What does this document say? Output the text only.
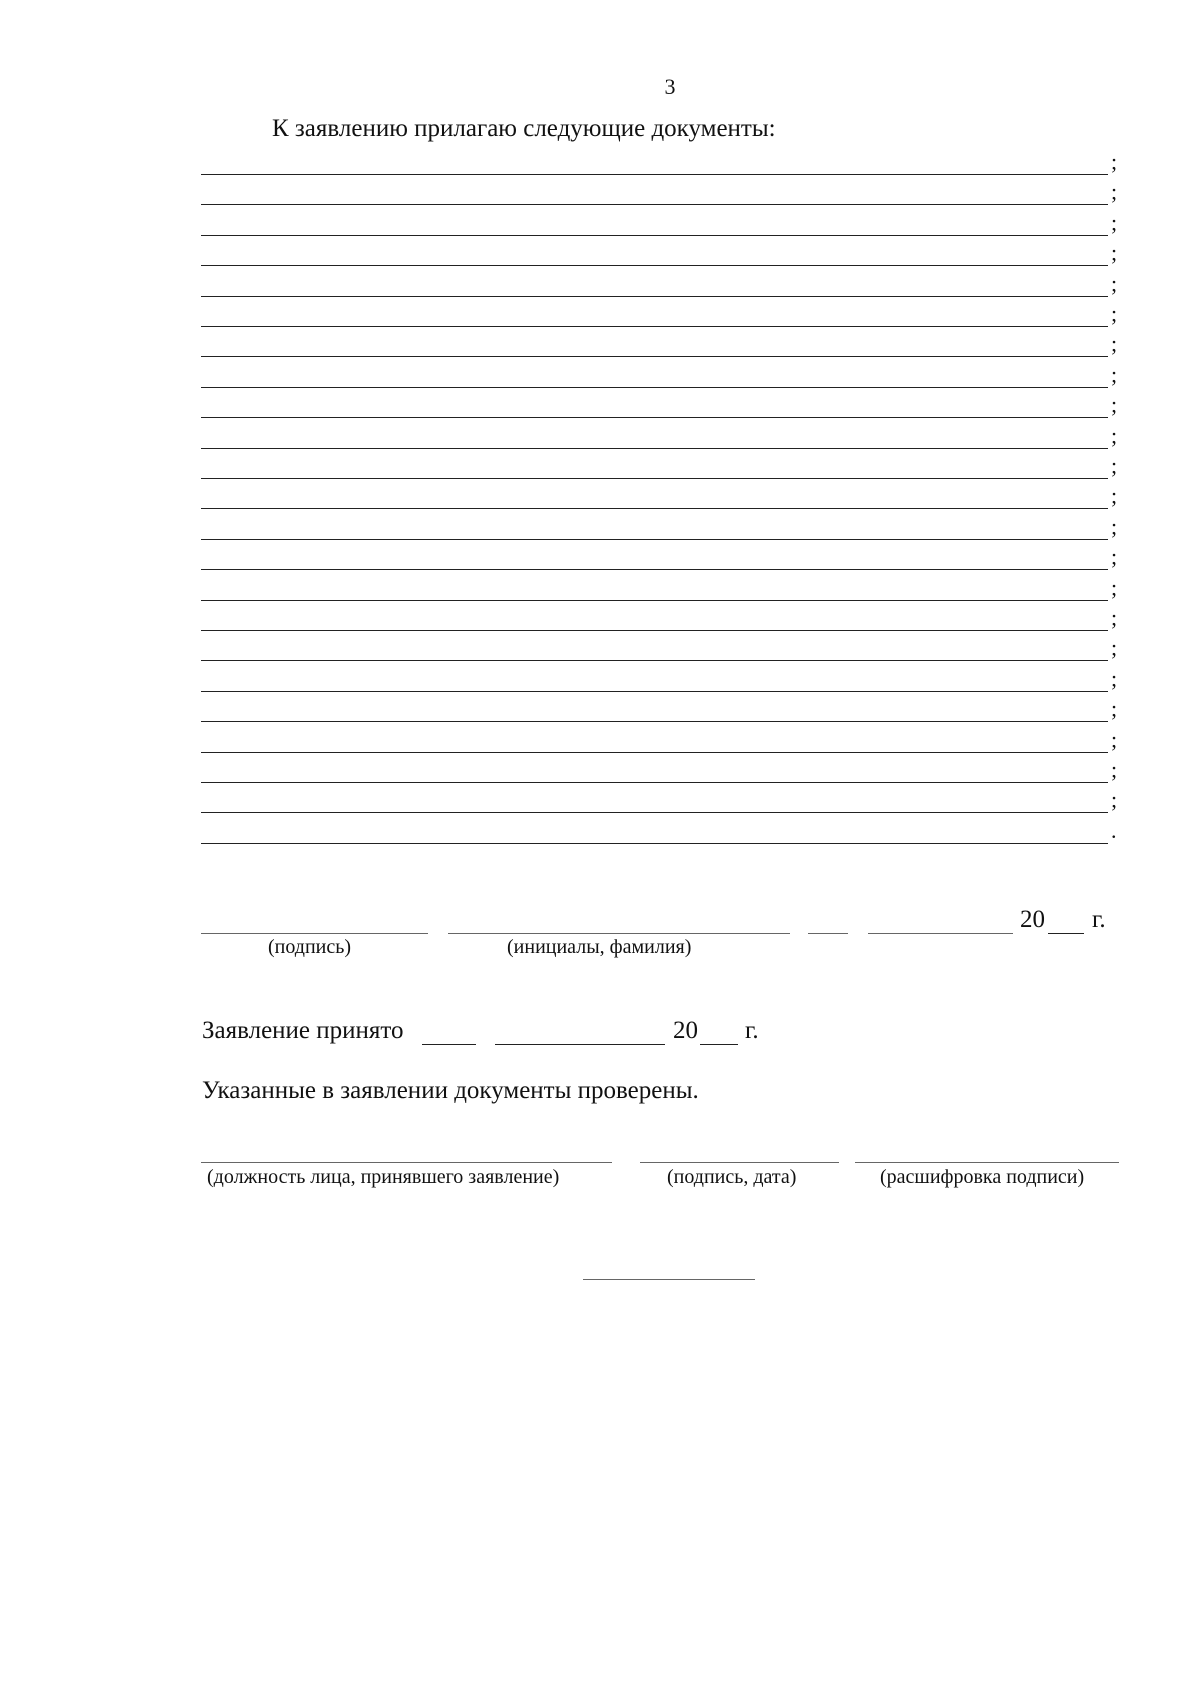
3
К заявлению прилагаю следующие документы:
;
;
;
;
;
;
;
;
;
;
;
;
;
;
;
;
;
;
;
;
;
;
.
20 г.
(подпись)	(инициалы, фамилия)
Заявление принято	20 г.
Указанные в заявлении документы проверены.
(должность лица, принявшего заявление)	(подпись, дата)	(расшифровка подписи)
